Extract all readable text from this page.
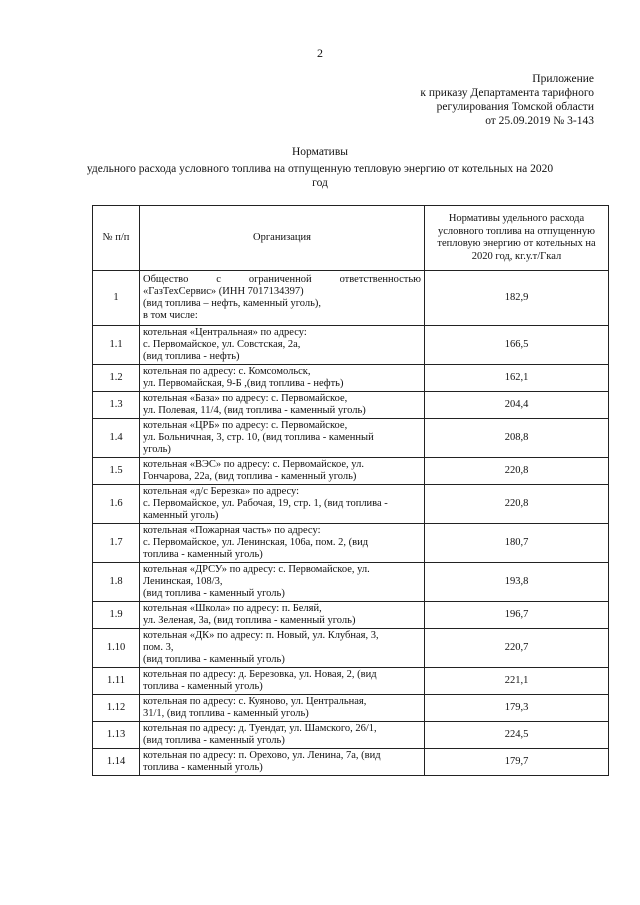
2
Приложение
к приказу Департамента тарифного
регулирования Томской области
от 25.09.2019 № 3-143
Нормативы
удельного расхода условного топлива на отпущенную тепловую энергию от котельных на 2020 год
№ п/п	Организация	Нормативы удельного расхода условного топлива на отпущенную тепловую энергию от котельных на 2020 год, кг.у.т/Гкал
1	Общество с ограниченной ответственностью
«ГазТехСервис» (ИНН 7017134397)
(вид топлива – нефть, каменный уголь),
в том числе:	182,9
1.1	котельная «Центральная» по адресу:
с. Первомайское, ул. Совстская, 2а,
(вид топлива - нефть)	166,5
1.2	котельная по адресу: с. Комсомольск,
ул. Первомайская, 9-Б ,(вид топлива - нефть)	162,1
1.3	котельная «База» по адресу: с. Первомайское,
ул. Полевая, 11/4, (вид топлива - каменный уголь)	204,4
1.4	котельная «ЦРБ» по адресу: с. Первомайское,
ул. Больничная, 3, стр. 10, (вид топлива - каменный
уголь)	208,8
1.5	котельная «ВЭС» по адресу: с. Первомайское, ул.
Гончарова, 22а, (вид топлива - каменный уголь)	220,8
1.6	котельная «д/с Березка» по адресу:
с. Первомайское, ул. Рабочая, 19, стр. 1, (вид топлива -
каменный уголь)	220,8
1.7	котельная «Пожарная часть» по адресу:
с. Первомайское, ул. Ленинская, 106а, пом. 2, (вид
топлива - каменный уголь)	180,7
1.8	котельная «ДРСУ» по адресу: с. Первомайское, ул.
Ленинская, 108/3,
(вид топлива - каменный уголь)	193,8
1.9	котельная «Школа» по адресу: п. Беляй,
ул. Зеленая, 3а, (вид топлива - каменный уголь)	196,7
1.10	котельная «ДК» по адресу: п. Новый, ул. Клубная, 3,
пом. 3,
(вид топлива - каменный уголь)	220,7
1.11	котельная по адресу: д. Березовка, ул. Новая, 2, (вид
топлива - каменный уголь)	221,1
1.12	котельная по адресу: с. Куяново, ул. Центральная,
31/1, (вид топлива - каменный уголь)	179,3
1.13	котельная по адресу: д. Туендат, ул. Шамского, 26/1,
(вид топлива - каменный уголь)	224,5
1.14	котельная по адресу: п. Орехово, ул. Ленина, 7а, (вид
топлива - каменный уголь)	179,7
